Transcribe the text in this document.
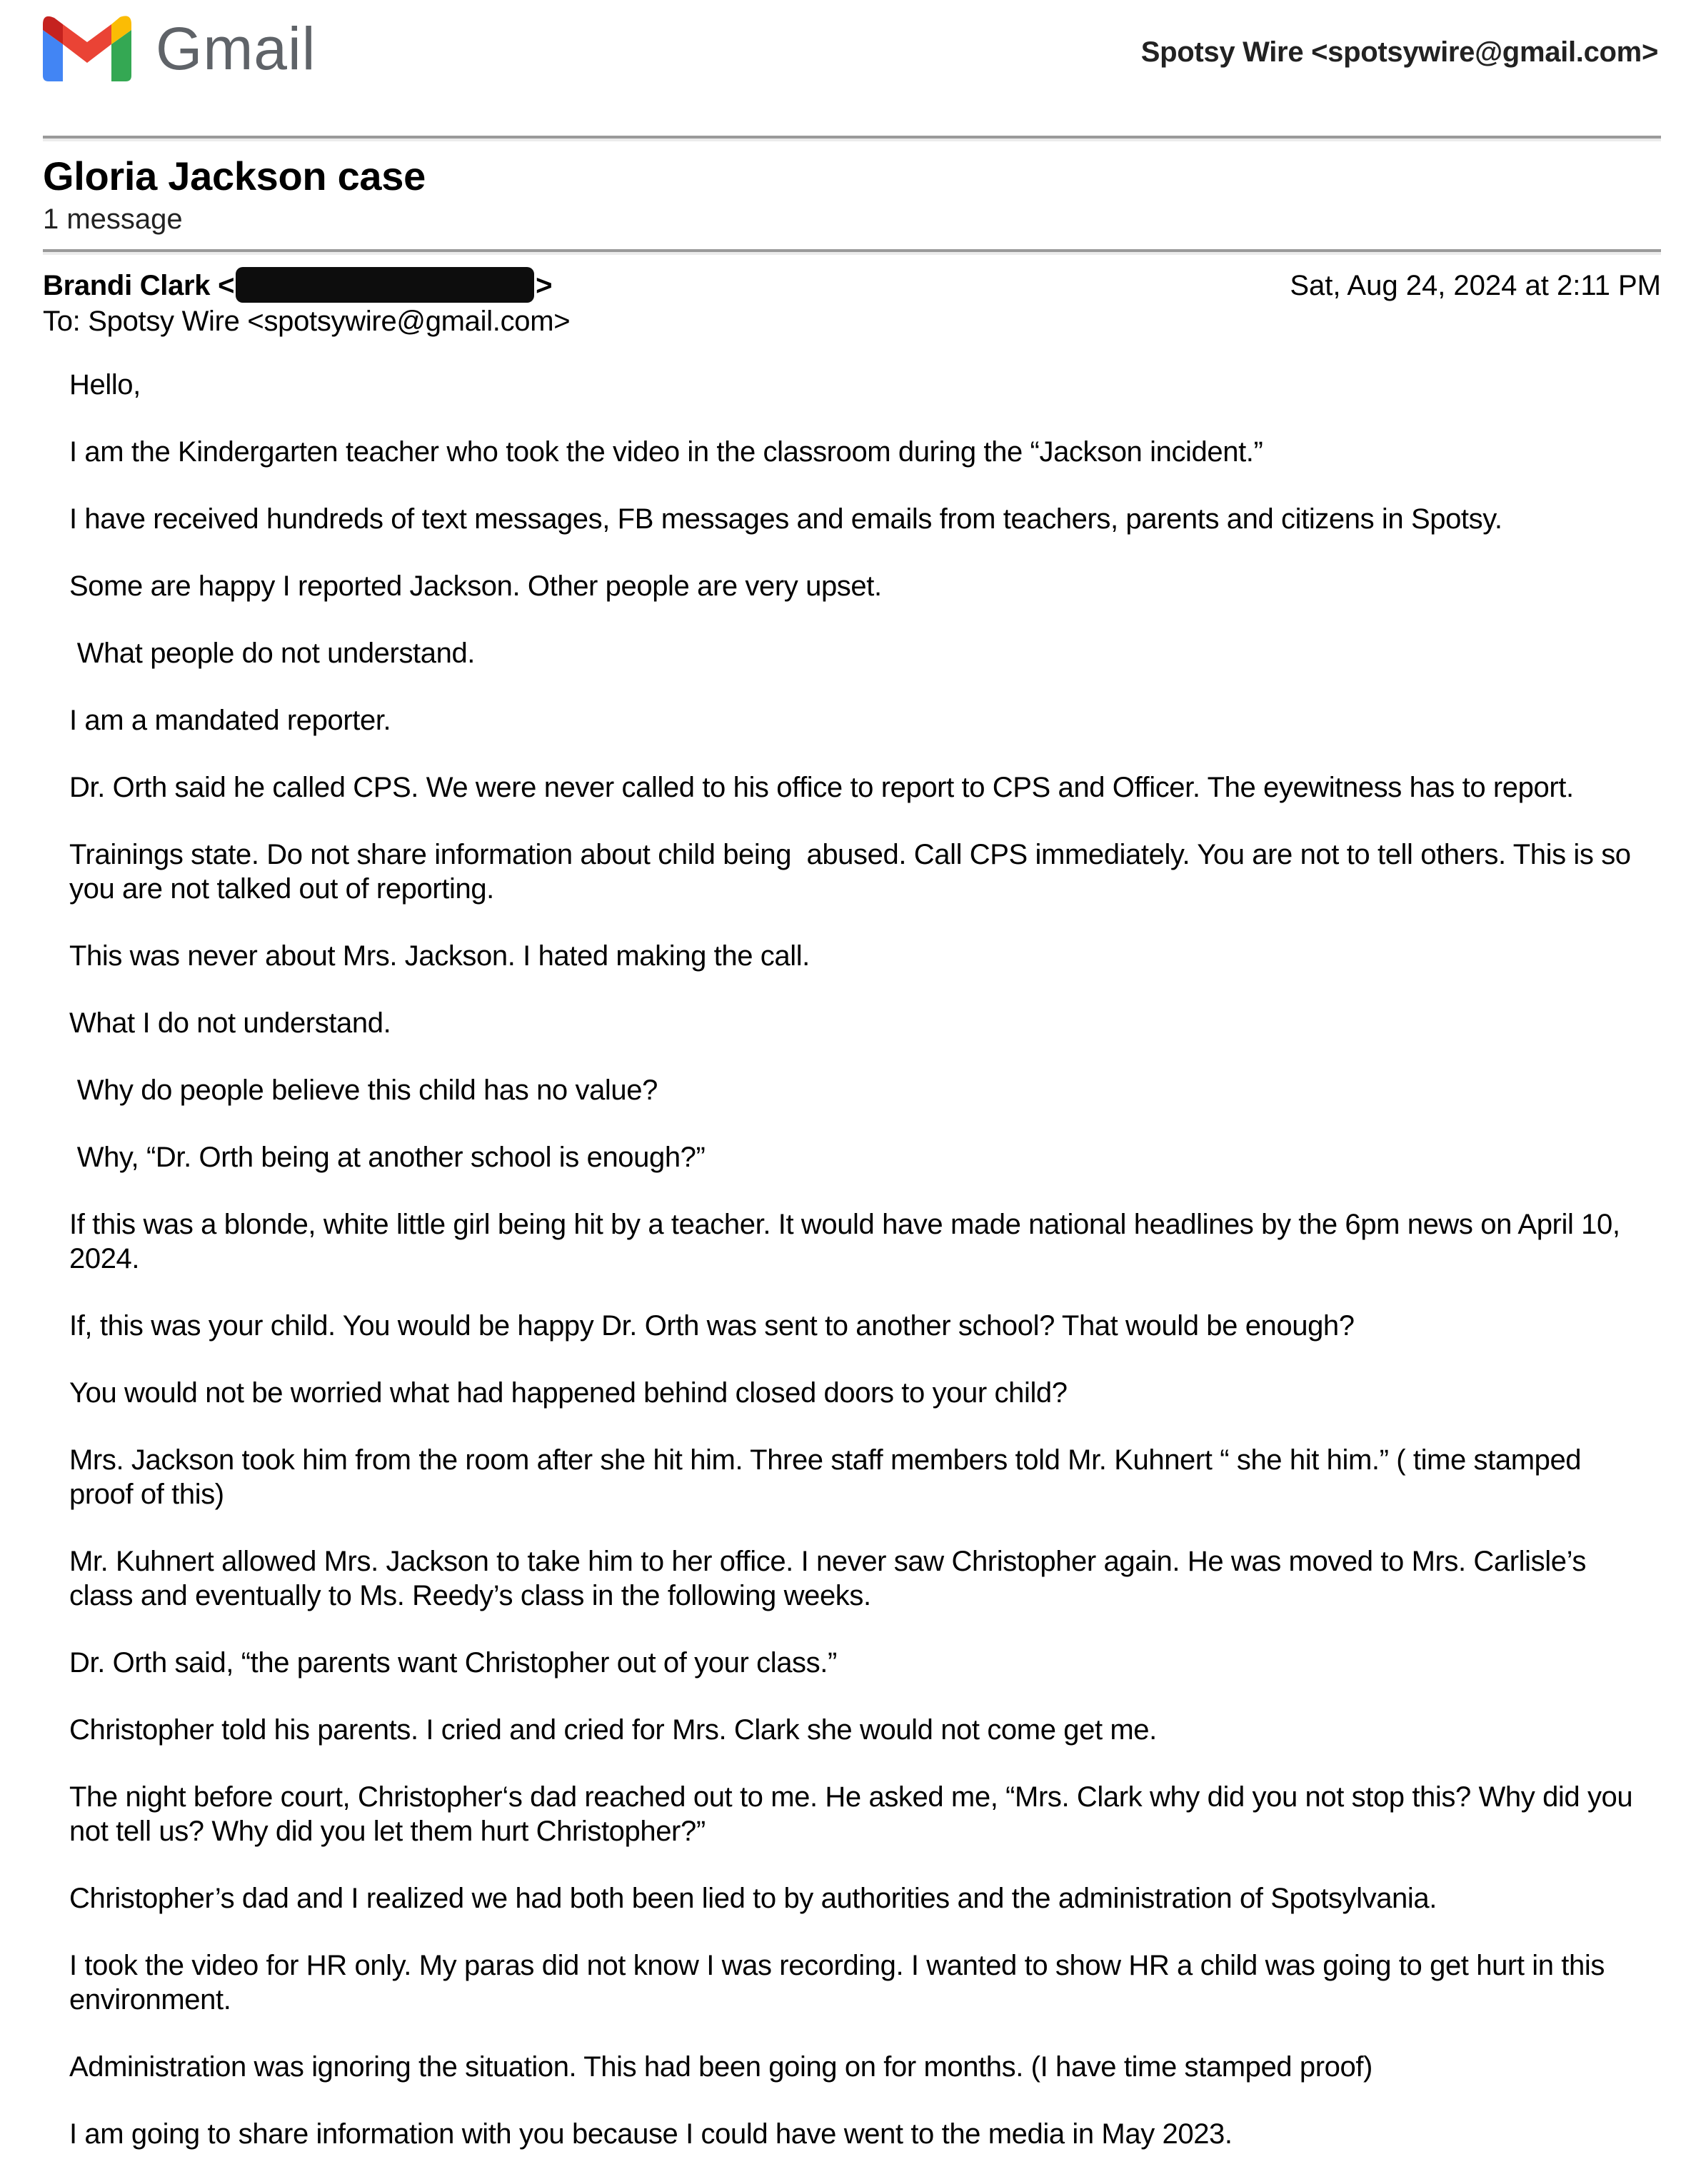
Gmail	Spotsy Wire <spotsywire@gmail.com>
Gloria Jackson case
1 message
Brandi Clark <	>	Sat, Aug 24, 2024 at 2:11 PM
To: Spotsy Wire <spotsywire@gmail.com>

Hello,

I am the Kindergarten teacher who took the video in the classroom during the “Jackson incident.”

I have received hundreds of text messages, FB messages and emails from teachers, parents and citizens in Spotsy.

Some are happy I reported Jackson. Other people are very upset.

What people do not understand.

I am a mandated reporter.

Dr. Orth said he called CPS. We were never called to his office to report to CPS and Officer. The eyewitness has to report.

Trainings state. Do not share information about child being  abused. Call CPS immediately. You are not to tell others. This is so you are not talked out of reporting.

This was never about Mrs. Jackson. I hated making the call.

What I do not understand.

Why do people believe this child has no value?

Why, “Dr. Orth being at another school is enough?”

If this was a blonde, white little girl being hit by a teacher. It would have made national headlines by the 6pm news on April 10, 2024.

If, this was your child. You would be happy Dr. Orth was sent to another school? That would be enough?

You would not be worried what had happened behind closed doors to your child?

Mrs. Jackson took him from the room after she hit him. Three staff members told Mr. Kuhnert “ she hit him.” ( time stamped proof of this)

Mr. Kuhnert allowed Mrs. Jackson to take him to her office. I never saw Christopher again. He was moved to Mrs. Carlisle’s class and eventually to Ms. Reedy’s class in the following weeks.

Dr. Orth said, “the parents want Christopher out of your class.”

Christopher told his parents. I cried and cried for Mrs. Clark she would not come get me.

The night before court, Christopher‘s dad reached out to me. He asked me, “Mrs. Clark why did you not stop this? Why did you not tell us? Why did you let them hurt Christopher?”

Christopher’s dad and I realized we had both been lied to by authorities and the administration of Spotsylvania.

I took the video for HR only. My paras did not know I was recording. I wanted to show HR a child was going to get hurt in this environment.

Administration was ignoring the situation. This had been going on for months. (I have time stamped proof)

I am going to share information with you because I could have went to the media in May 2023.
